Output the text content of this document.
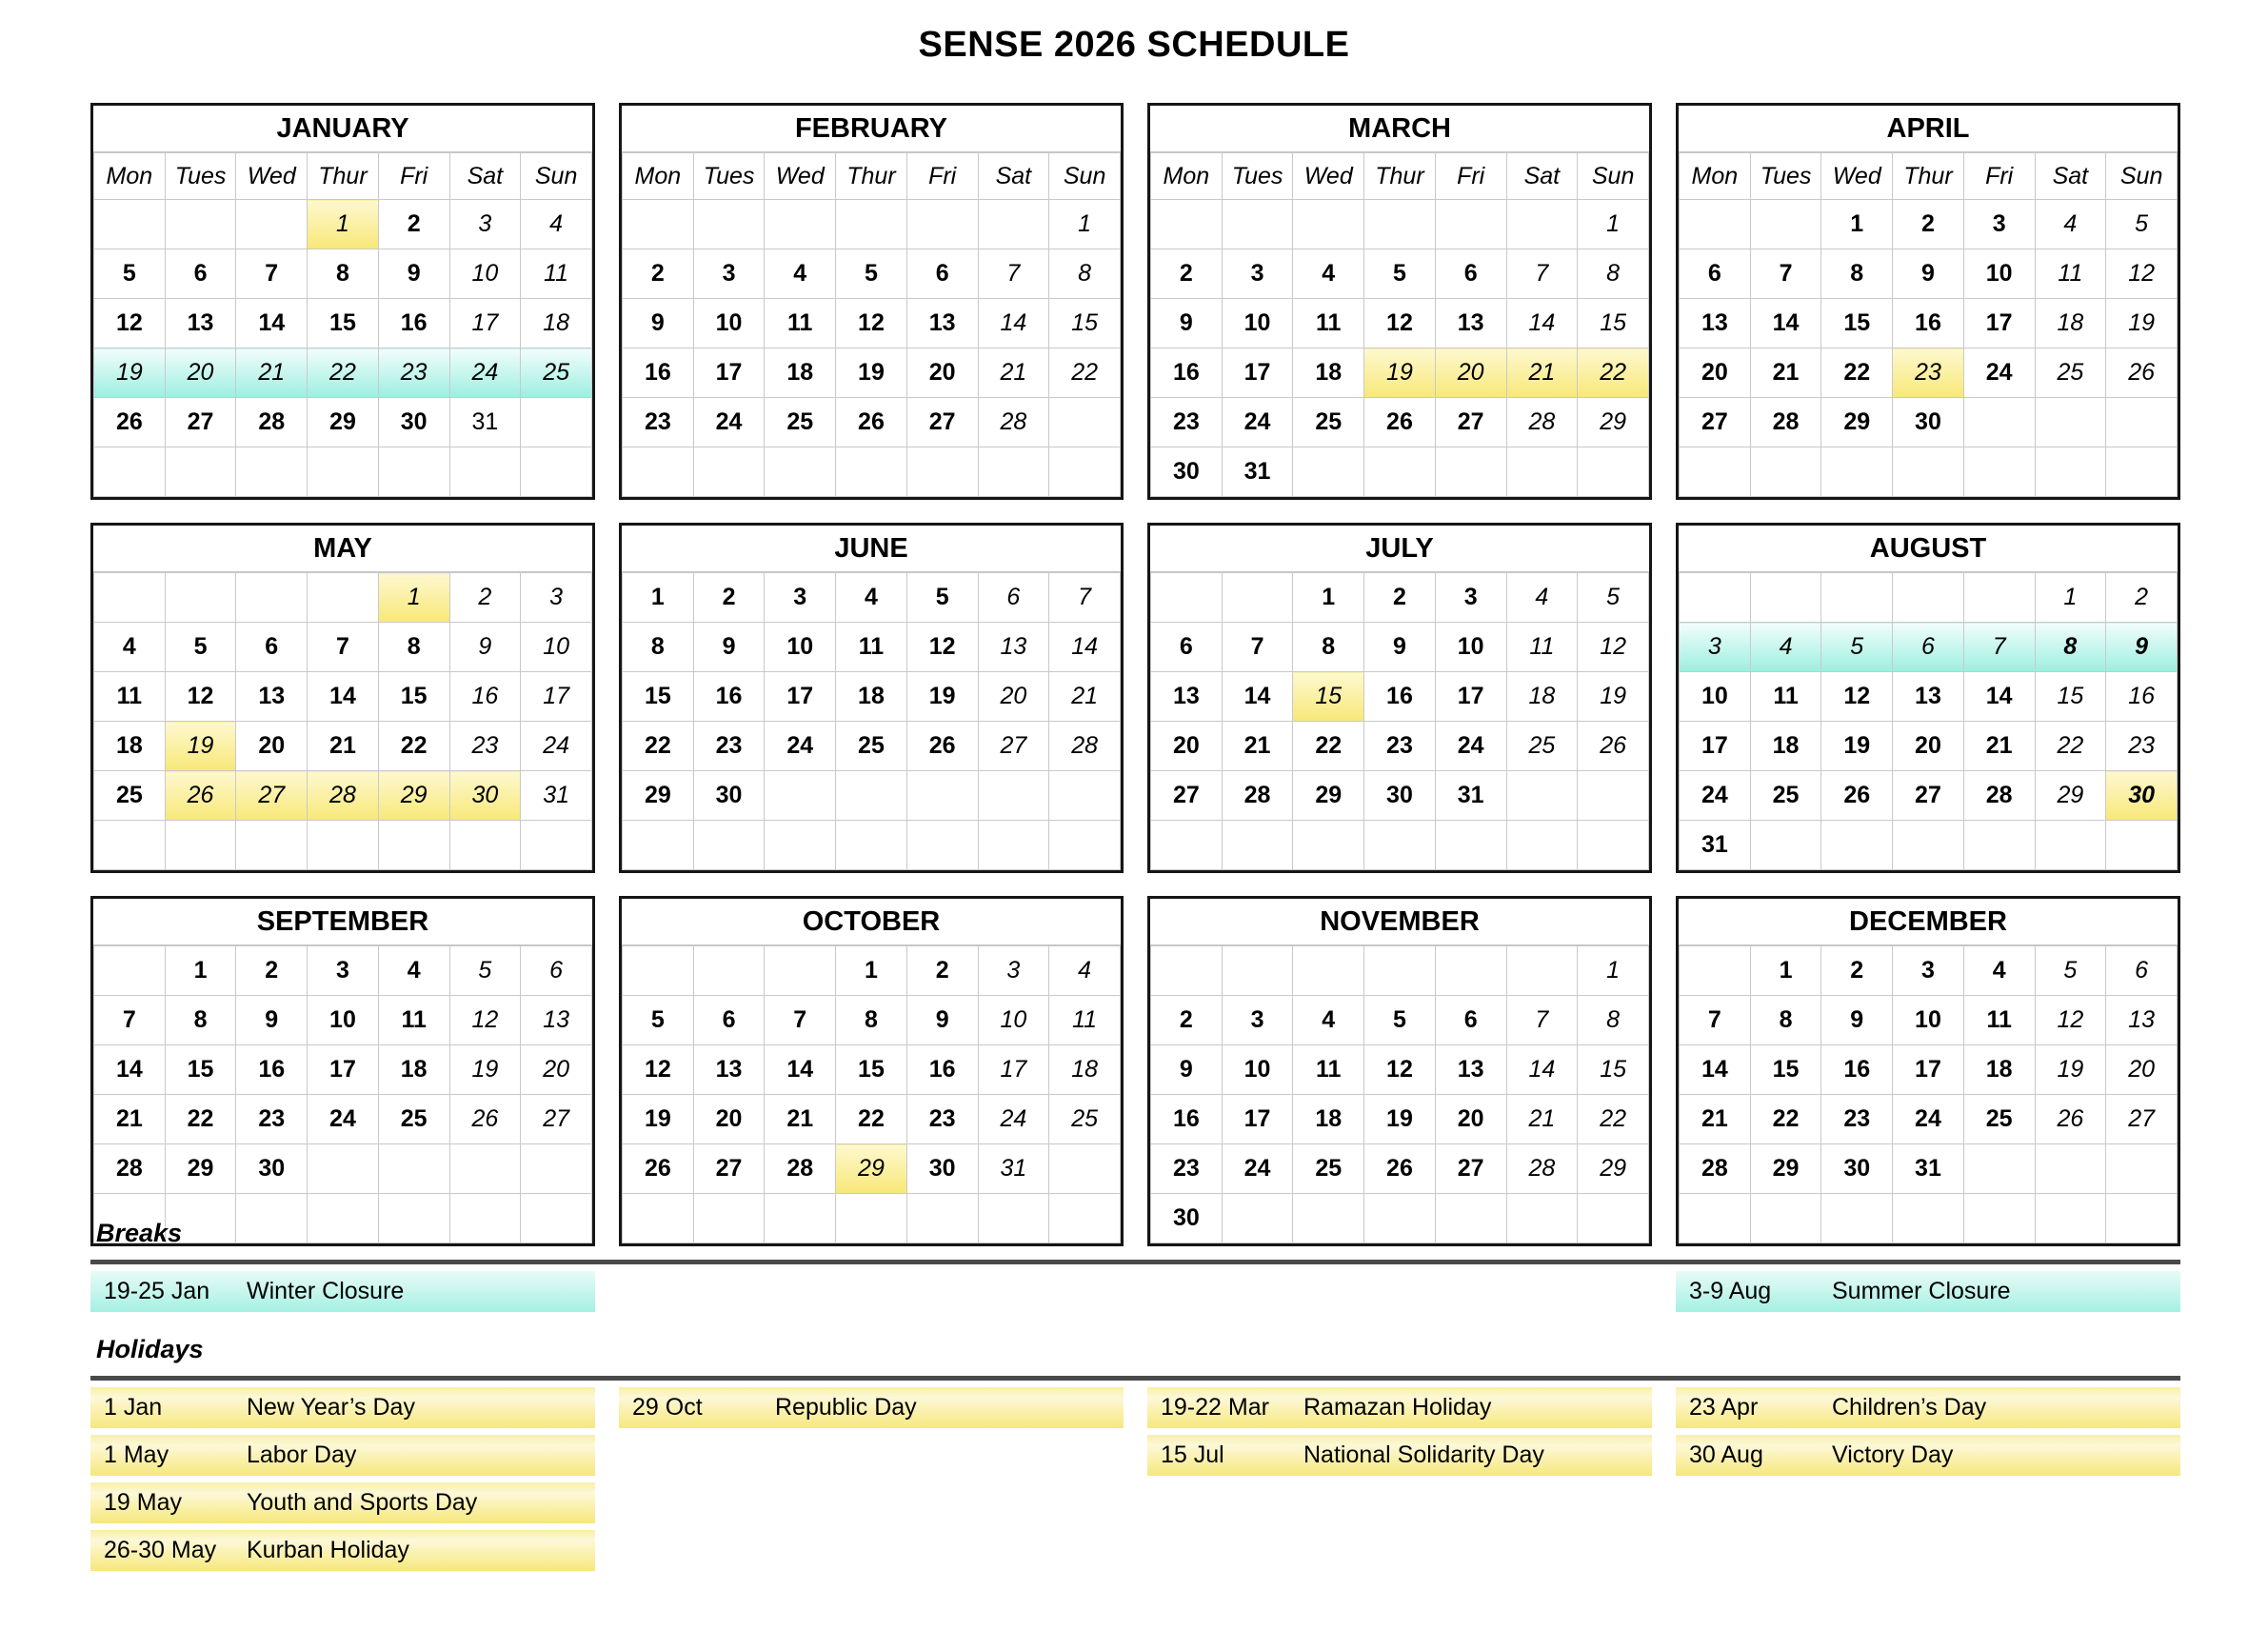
SENSE 2026 SCHEDULE
JANUARY
Mon	Tues	Wed	Thur	Fri	Sat	Sun
			1	2	3	4
5	6	7	8	9	10	11
12	13	14	15	16	17	18
19	20	21	22	23	24	25
26	27	28	29	30	31	

FEBRUARY
Mon	Tues	Wed	Thur	Fri	Sat	Sun
						1
2	3	4	5	6	7	8
9	10	11	12	13	14	15
16	17	18	19	20	21	22
23	24	25	26	27	28	

MARCH
Mon	Tues	Wed	Thur	Fri	Sat	Sun
						1
2	3	4	5	6	7	8
9	10	11	12	13	14	15
16	17	18	19	20	21	22
23	24	25	26	27	28	29
30	31					
APRIL
Mon	Tues	Wed	Thur	Fri	Sat	Sun
		1	2	3	4	5
6	7	8	9	10	11	12
13	14	15	16	17	18	19
20	21	22	23	24	25	26
27	28	29	30			

MAY
				1	2	3
4	5	6	7	8	9	10
11	12	13	14	15	16	17
18	19	20	21	22	23	24
25	26	27	28	29	30	31

JUNE
1	2	3	4	5	6	7
8	9	10	11	12	13	14
15	16	17	18	19	20	21
22	23	24	25	26	27	28
29	30					

JULY
		1	2	3	4	5
6	7	8	9	10	11	12
13	14	15	16	17	18	19
20	21	22	23	24	25	26
27	28	29	30	31		

AUGUST
					1	2
3	4	5	6	7	8	9
10	11	12	13	14	15	16
17	18	19	20	21	22	23
24	25	26	27	28	29	30
31						
SEPTEMBER
	1	2	3	4	5	6
7	8	9	10	11	12	13
14	15	16	17	18	19	20
21	22	23	24	25	26	27
28	29	30				

OCTOBER
			1	2	3	4
5	6	7	8	9	10	11
12	13	14	15	16	17	18
19	20	21	22	23	24	25
26	27	28	29	30	31	

NOVEMBER
						1
2	3	4	5	6	7	8
9	10	11	12	13	14	15
16	17	18	19	20	21	22
23	24	25	26	27	28	29
30						
DECEMBER
	1	2	3	4	5	6
7	8	9	10	11	12	13
14	15	16	17	18	19	20
21	22	23	24	25	26	27
28	29	30	31			

Breaks
19-25 Jan	Winter Closure	3-9 Aug	Summer Closure
Holidays
1 Jan	New Year’s Day
1 May	Labor Day
19 May	Youth and Sports Day
26-30 May	Kurban Holiday
29 Oct	Republic Day	19-22 Mar	Ramazan Holiday
15 Jul	National Solidarity Day
23 Apr	Children’s Day
30 Aug	Victory Day
